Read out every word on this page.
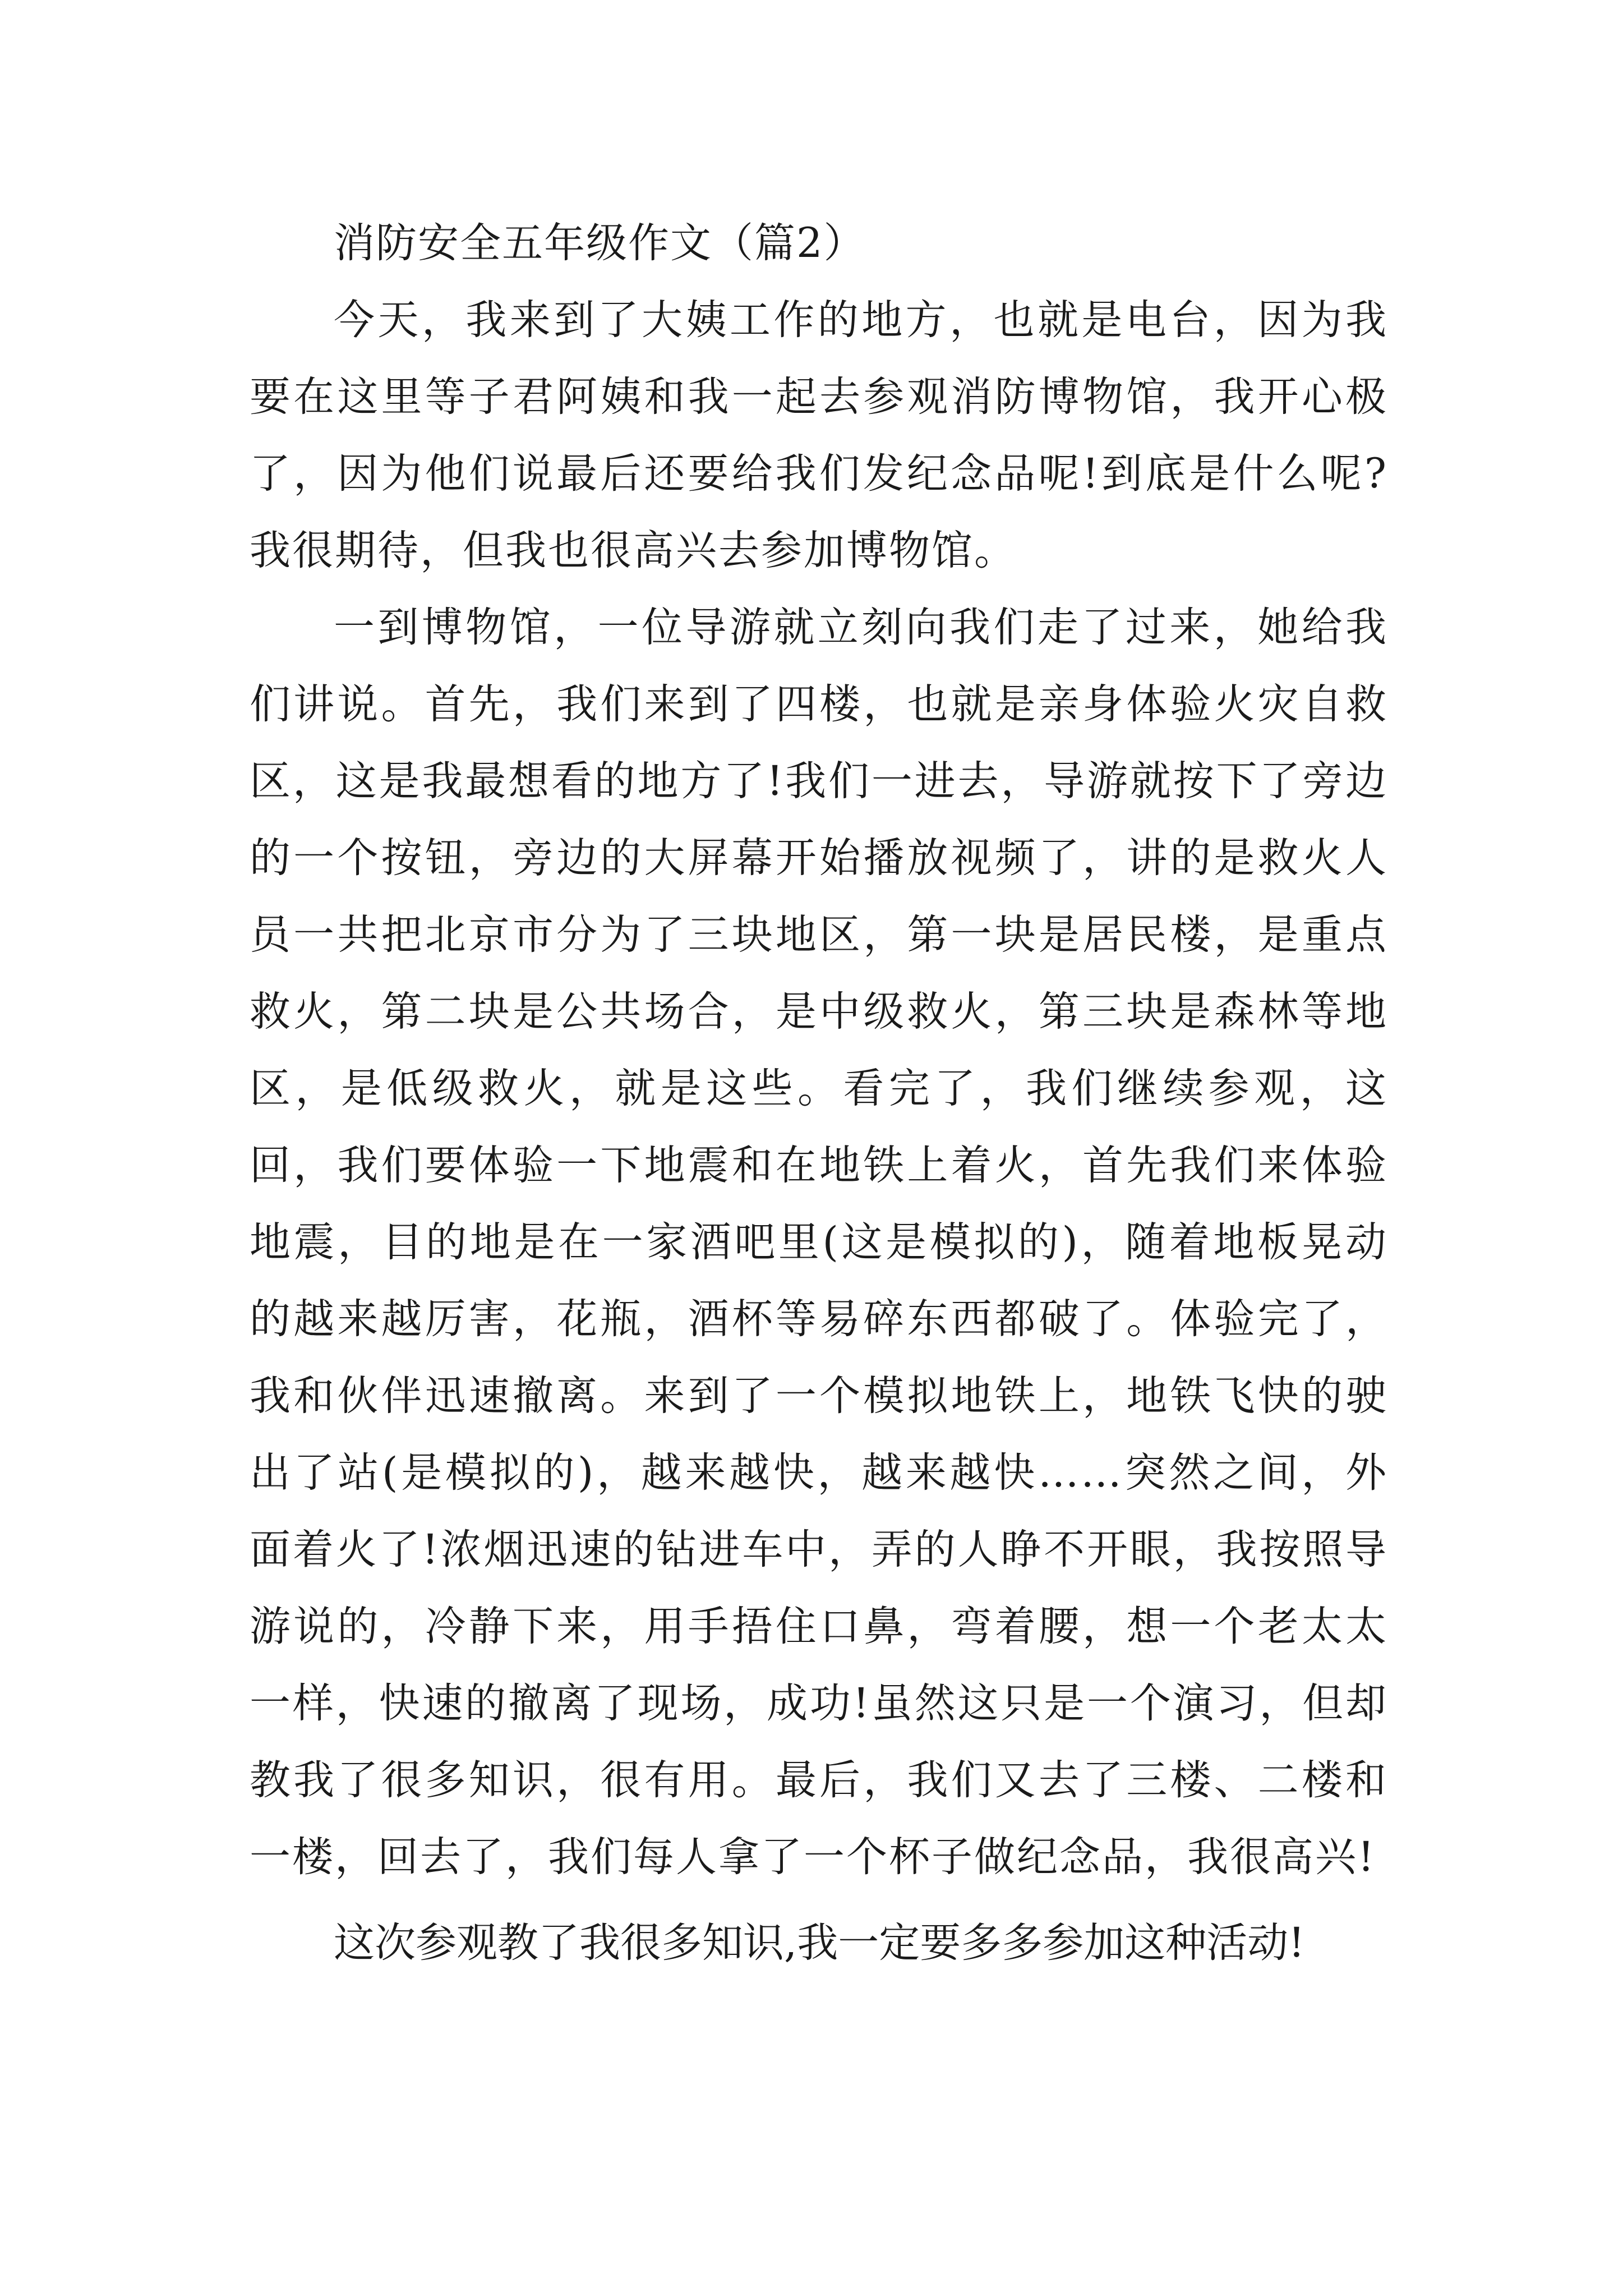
消防安全五年级作文（篇2）

今天，我来到了大姨工作的地方，也就是电台，因为我要在这里等子君阿姨和我一起去参观消防博物馆，我开心极了，因为他们说最后还要给我们发纪念品呢!到底是什么呢?我很期待，但我也很高兴去参加博物馆。

一到博物馆，一位导游就立刻向我们走了过来，她给我们讲说。首先，我们来到了四楼，也就是亲身体验火灾自救区，这是我最想看的地方了!我们一进去，导游就按下了旁边的一个按钮，旁边的大屏幕开始播放视频了，讲的是救火人员一共把北京市分为了三块地区，第一块是居民楼，是重点救火，第二块是公共场合，是中级救火，第三块是森林等地区，是低级救火，就是这些。看完了，我们继续参观，这回，我们要体验一下地震和在地铁上着火，首先我们来体验地震，目的地是在一家酒吧里(这是模拟的)，随着地板晃动的越来越厉害，花瓶，酒杯等易碎东西都破了。体验完了，我和伙伴迅速撤离。来到了一个模拟地铁上，地铁飞快的驶出了站(是模拟的)，越来越快，越来越快……突然之间，外面着火了!浓烟迅速的钻进车中，弄的人睁不开眼，我按照导游说的，冷静下来，用手捂住口鼻，弯着腰，想一个老太太一样，快速的撤离了现场，成功!虽然这只是一个演习，但却教我了很多知识，很有用。最后，我们又去了三楼、二楼和一楼，回去了，我们每人拿了一个杯子做纪念品，我很高兴!

这次参观教了我很多知识,我一定要多多参加这种活动!
